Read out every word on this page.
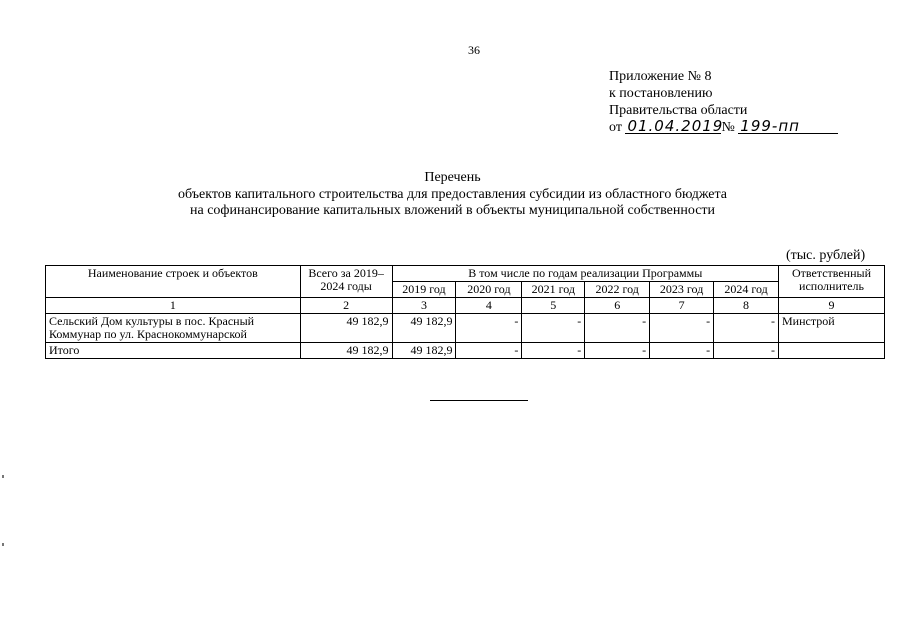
36
Приложение № 8
к постановлению
Правительства области
от 01.04.2019№ 199-пп
Перечень
объектов капитального строительства для предоставления субсидии из областного бюджета
на софинансирование капитальных вложений в объекты муниципальной собственности
(тыс. рублей)
Наименование строек и объектов	Всего за 2019–2024 годы	В том числе по годам реализации Программы						Ответственный исполнитель
		2019 год	2020 год	2021 год	2022 год	2023 год	2024 год	
1	2	3	4	5	6	7	8	9
Сельский Дом культуры в пос. Красный Коммунар по ул. Краснокоммунарской	49 182,9	49 182,9	-	-	-	-	-	Минстрой
Итого	49 182,9	49 182,9	-	-	-	-	-	
